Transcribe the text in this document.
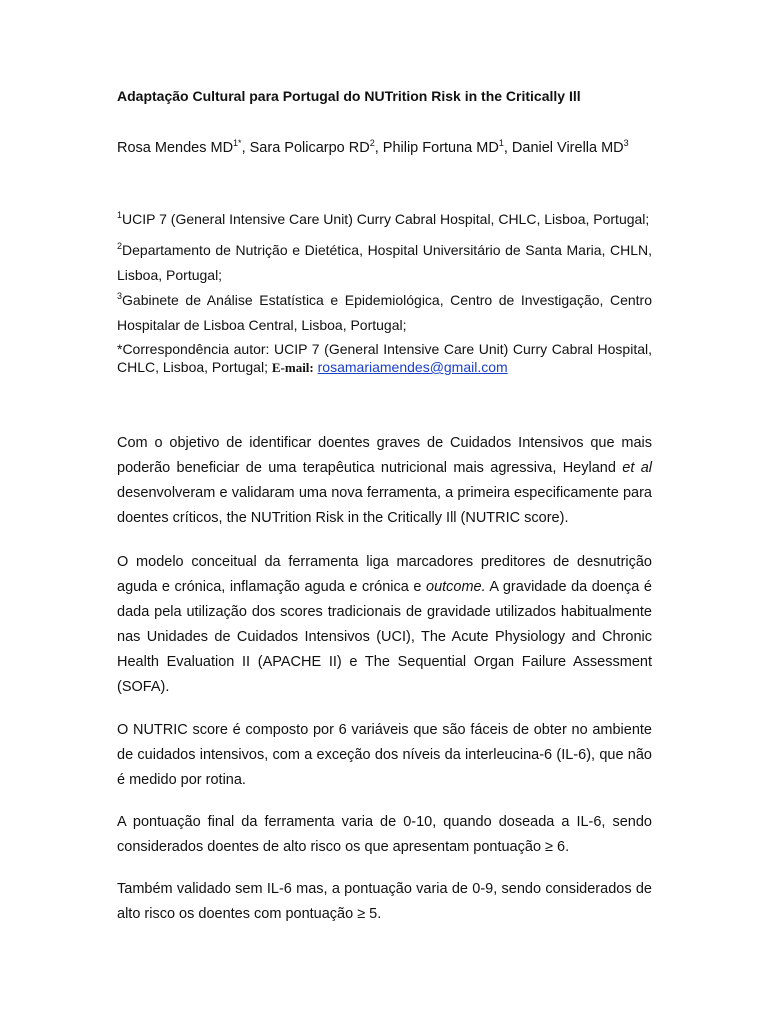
Adaptação Cultural para Portugal do NUTrition Risk in the Critically Ill
Rosa Mendes $MD^{1*}$, Sara Policarpo $RD^2$, Philip Fortuna $MD^1$, Daniel Virella $MD^3$

$^1$UCIP 7 (General Intensive Care Unit) Curry Cabral Hospital, CHLC, Lisboa, Portugal;

$^2$Departamento de Nutrição e Dietética, Hospital Universitário de Santa Maria, CHLN, Lisboa, Portugal;

$^3$Gabinete de Análise Estatística e Epidemiológica, Centro de Investigação, Centro Hospitalar de Lisboa Central, Lisboa, Portugal;

*Correspondência autor: UCIP 7 (General Intensive Care Unit) Curry Cabral Hospital, CHLC, Lisboa, Portugal; E-mail: rosamariamendes@gmail.com

Com o objetivo de identificar doentes graves de Cuidados Intensivos que mais poderão beneficiar de uma terapêutica nutricional mais agressiva, Heyland et al desenvolveram e validaram uma nova ferramenta, a primeira especificamente para doentes críticos, the NUTrition Risk in the Critically Ill (NUTRIC score).

O modelo conceitual da ferramenta liga marcadores preditores de desnutrição aguda e crónica, inflamação aguda e crónica e outcome. A gravidade da doença é dada pela utilização dos scores tradicionais de gravidade utilizados habitualmente nas Unidades de Cuidados Intensivos (UCI), The Acute Physiology and Chronic Health Evaluation II (APACHE II) e The Sequential Organ Failure Assessment (SOFA).

O NUTRIC score é composto por 6 variáveis que são fáceis de obter no ambiente de cuidados intensivos, com a exceção dos níveis da interleucina-6 (IL-6), que não é medido por rotina.

A pontuação final da ferramenta varia de 0-10, quando doseada a IL-6, sendo considerados doentes de alto risco os que apresentam pontuação ≥ 6.

Também validado sem IL-6 mas, a pontuação varia de 0-9, sendo considerados de alto risco os doentes com pontuação ≥ 5.
